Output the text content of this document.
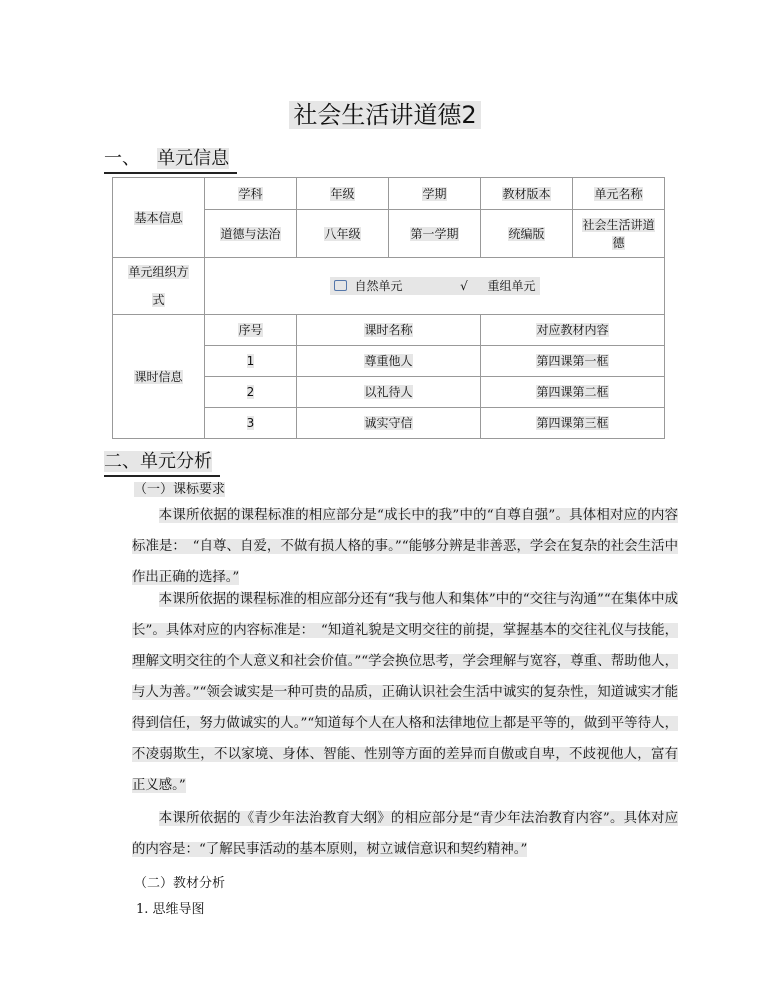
社会生活讲道德2
一、 单元信息
基本信息	学科	年级	学期	教材版本	单元名称
	道德与法治	八年级	第一学期	统编版	社会生活讲道德
单元组织方式	自然单元 √ 重组单元				
课时信息	序号	课时名称		对应教材内容	
	1	尊重他人		第四课第一框	
	2	以礼待人		第四课第二框	
	3	诚实守信		第四课第三框	
二、单元分析
（一）课标要求
本课所依据的课程标准的相应部分是“成长中的我”中的“自尊自强”。具体相对应的内容标准是：　“自尊、自爱，不做有损人格的事。”“能够分辨是非善恶，学会在复杂的社会生活中作出正确的选择。”
本课所依据的课程标准的相应部分还有“我与他人和集体”中的“交往与沟通”“在集体中成长”。具体对应的内容标准是：　“知道礼貌是文明交往的前提，掌握基本的交往礼仪与技能，理解文明交往的个人意义和社会价值。”“学会换位思考，学会理解与宽容，尊重、帮助他人，与人为善。”“领会诚实是一种可贵的品质，正确认识社会生活中诚实的复杂性，知道诚实才能得到信任，努力做诚实的人。”“知道每个人在人格和法律地位上都是平等的，做到平等待人，不凌弱欺生，不以家境、身体、智能、性别等方面的差异而自傲或自卑，不歧视他人，富有正义感。”
本课所依据的《青少年法治教育大纲》的相应部分是“青少年法治教育内容”。具体对应的内容是：“了解民事活动的基本原则，树立诚信意识和契约精神。”
（二）教材分析
1. 思维导图
